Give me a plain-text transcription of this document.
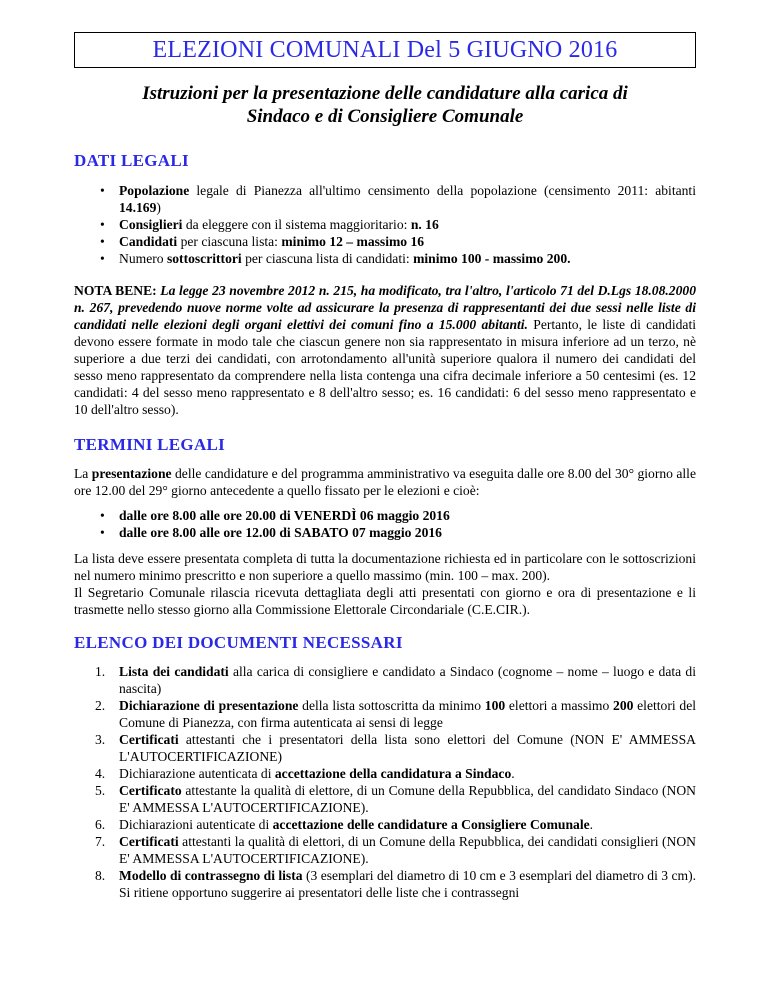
ELEZIONI COMUNALI Del 5 GIUGNO 2016
Istruzioni per la presentazione delle candidature alla carica di
Sindaco e di Consigliere Comunale
DATI LEGALI
• Popolazione legale di Pianezza all'ultimo censimento della popolazione (censimento 2011: abitanti 14.169)
• Consiglieri da eleggere con il sistema maggioritario: n. 16
• Candidati per ciascuna lista: minimo 12 – massimo 16
• Numero sottoscrittori per ciascuna lista di candidati: minimo 100 - massimo 200.

NOTA BENE: La legge 23 novembre 2012 n. 215, ha modificato, tra l'altro, l'articolo 71 del D.Lgs 18.08.2000 n. 267, prevedendo nuove norme volte ad assicurare la presenza di rappresentanti dei due sessi nelle liste di candidati nelle elezioni degli organi elettivi dei comuni fino a 15.000 abitanti. Pertanto, le liste di candidati devono essere formate in modo tale che ciascun genere non sia rappresentato in misura inferiore ad un terzo, nè superiore a due terzi dei candidati, con arrotondamento all'unità superiore qualora il numero dei candidati del sesso meno rappresentato da comprendere nella lista contenga una cifra decimale inferiore a 50 centesimi (es. 12 candidati: 4 del sesso meno rappresentato e 8 dell'altro sesso; es. 16 candidati: 6 del sesso meno rappresentato e 10 dell'altro sesso).

TERMINI LEGALI

La presentazione delle candidature e del programma amministrativo va eseguita dalle ore 8.00 del 30° giorno alle ore 12.00 del 29° giorno antecedente a quello fissato per le elezioni e cioè:

• dalle ore 8.00 alle ore 20.00 di VENERDÌ 06 maggio 2016
• dalle ore 8.00 alle ore 12.00 di SABATO 07 maggio 2016

La lista deve essere presentata completa di tutta la documentazione richiesta ed in particolare con le sottoscrizioni nel numero minimo prescritto e non superiore a quello massimo (min. 100 – max. 200).

Il Segretario Comunale rilascia ricevuta dettagliata degli atti presentati con giorno e ora di presentazione e li trasmette nello stesso giorno alla Commissione Elettorale Circondariale (C.E.CIR.).

ELENCO DEI DOCUMENTI NECESSARI
1. Lista dei candidati alla carica di consigliere e candidato a Sindaco (cognome – nome – luogo e data di nascita)
2. Dichiarazione di presentazione della lista sottoscritta da minimo 100 elettori a massimo 200 elettori del Comune di Pianezza, con firma autenticata ai sensi di legge
3. Certificati attestanti che i presentatori della lista sono elettori del Comune (NON E' AMMESSA L'AUTOCERTIFICAZIONE)
4. Dichiarazione autenticata di accettazione della candidatura a Sindaco.
5. Certificato attestante la qualità di elettore, di un Comune della Repubblica, del candidato Sindaco (NON E' AMMESSA L'AUTOCERTIFICAZIONE).
6. Dichiarazioni autenticate di accettazione delle candidature a Consigliere Comunale.
7. Certificati attestanti la qualità di elettori, di un Comune della Repubblica, dei candidati consiglieri (NON E' AMMESSA L'AUTOCERTIFICAZIONE).
8. Modello di contrassegno di lista (3 esemplari del diametro di 10 cm e 3 esemplari del diametro di 3 cm). Si ritiene opportuno suggerire ai presentatori delle liste che i contrassegni
